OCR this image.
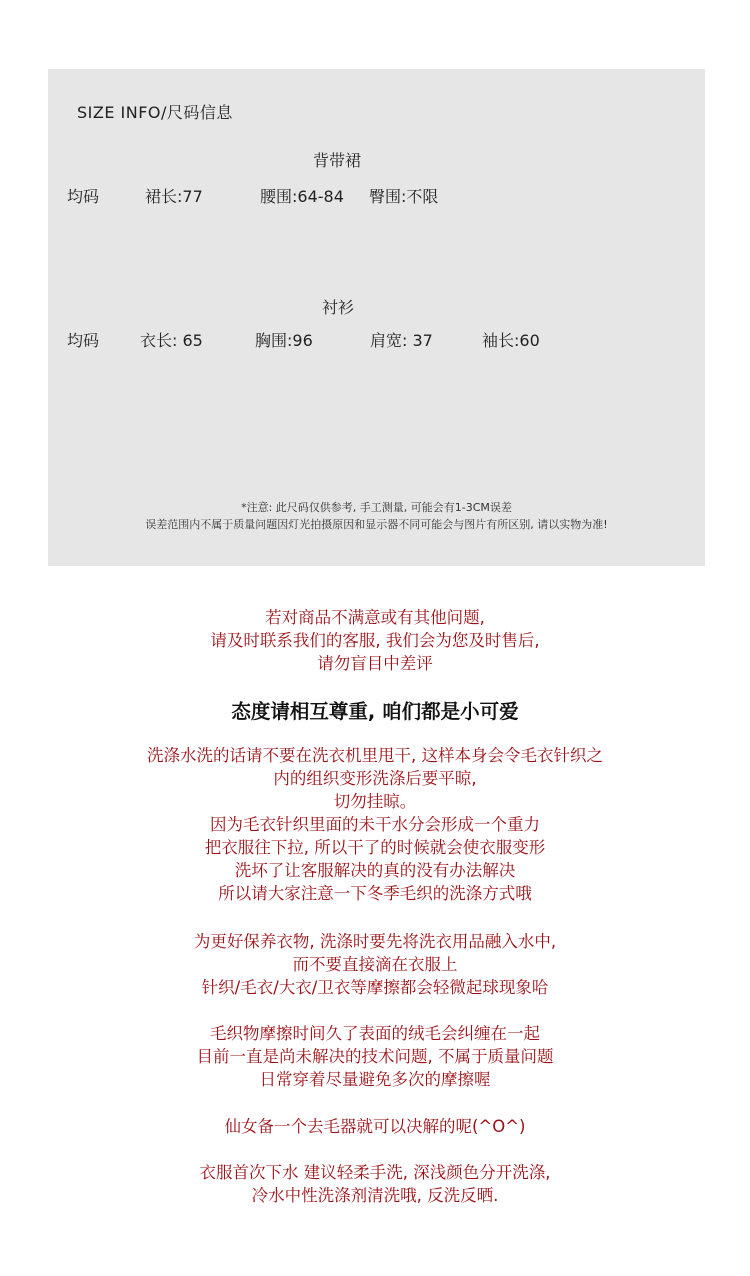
SIZE INFO/尺码信息
背带裙
均码	裙长:77	腰围:64-84 臀围:不限
衬衫
均码	衣长: 65	胸围:96	肩宽: 37	袖长:60
*注意: 此尺码仅供参考, 手工测量, 可能会有1-3CM误差
误差范围内不属于质量问题因灯光拍摄原因和显示器不同可能会与图片有所区别, 请以实物为准!
若对商品不满意或有其他问题,
请及时联系我们的客服, 我们会为您及时售后,
请勿盲目中差评
态度请相互尊重, 咱们都是小可爱
洗涤水洗的话请不要在洗衣机里甩干, 这样本身会令毛衣针织之
内的组织变形洗涤后要平晾,
切勿挂晾。
因为毛衣针织里面的未干水分会形成一个重力
把衣服往下拉, 所以干了的时候就会使衣服变形
洗坏了让客服解决的真的没有办法解决
所以请大家注意一下冬季毛织的洗涤方式哦
为更好保养衣物, 洗涤时要先将洗衣用品融入水中,
而不要直接滴在衣服上
针织/毛衣/大衣/卫衣等摩擦都会轻微起球现象哈
毛织物摩擦时间久了表面的绒毛会纠缠在一起
目前一直是尚未解决的技术问题, 不属于质量问题
日常穿着尽量避免多次的摩擦喔
仙女备一个去毛器就可以决解的呢(^O^)
衣服首次下水 建议轻柔手洗, 深浅颜色分开洗涤,
冷水中性洗涤剂清洗哦, 反洗反晒.
